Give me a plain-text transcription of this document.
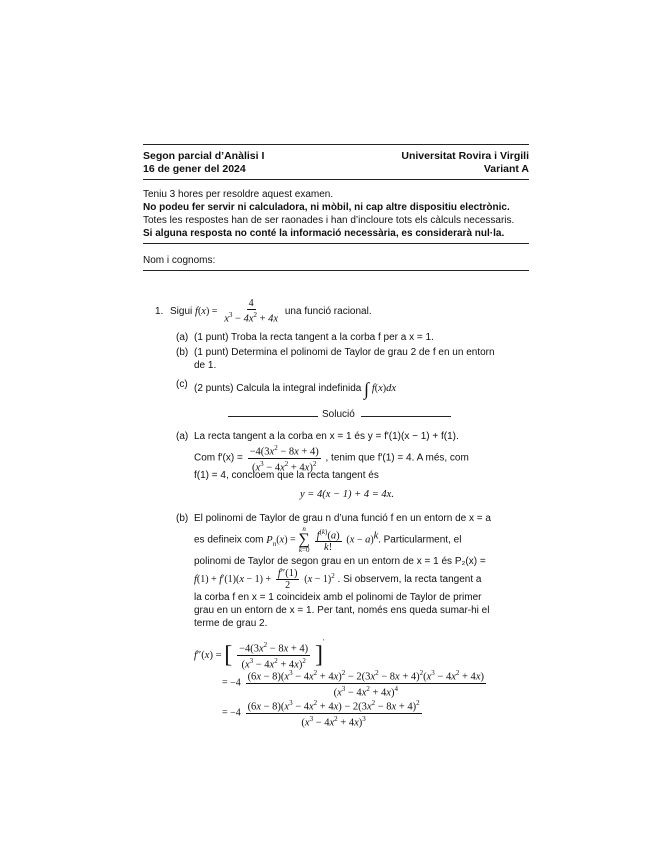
Segon parcial d’Anàlisi I
16 de gener del 2024
Universitat Rovira i Virgili
Variant A
Teniu 3 hores per resoldre aquest examen.
No podeu fer servir ni calculadora, ni mòbil, ni cap altre dispositiu electrònic.
Totes les respostes han de ser raonades i han d’incloure tots els càlculs necessaris.
Si alguna resposta no conté la informació necessària, es considerarà nul·la.
Nom i cognoms:
1. Sigui $f(x) = \frac{4}{x^3 - 4x^2 + 4x}$ una funció racional.
(a) (1 punt) Troba la recta tangent a la corba f per a x = 1.
(b) (1 punt) Determina el polinomi de Taylor de grau 2 de f en un entorn
de 1.
(c) (2 punts) Calcula la integral indefinida ∫ f(x)dx
Solució
(a) La recta tangent a la corba en x = 1 és y = f′(1)(x − 1) + f(1).
Com $f'(x) = \frac{-4(3x^2 - 8x + 4)}{(x^3 - 4x^2 + 4x)^2}$ , tenim que f′(1) = 4. A més, com
f(1) = 4, concloem que la recta tangent és
y = 4(x − 1) + 4 = 4x.
(b) El polinomi de Taylor de grau n d’una funció f en un entorn de x = a
es defineix com $P_n(x)$ =
n
∑
k=0
$\frac{f^{(k)}(a)}{k!} (x - a)^k$. Particularment, el
polinomi de Taylor de segon grau en un entorn de x = 1 és P₂(x) =
$f(1) + f'(1)(x - 1) + \frac{f''(1)}{2} (x - 1)^2$ . Si observem, la recta tangent a
la corba f en x = 1 coincideix amb el polinomi de Taylor de primer
grau en un entorn de x = 1. Per tant, només ens queda sumar-hi el
terme de grau 2.
f″(x) = [ $\frac{-4(3x^2 - 8x + 4)}{(x^3 - 4x^2 + 4x)^2} ]'$
= $-4 \frac{(6x - 8)(x^3 - 4x^2 + 4x)^2 - 2(3x^2 - 8x + 4)^2(x^3 - 4x^2 + 4x)}{(x^3 - 4x^2 + 4x)^4}$
= $-4 \frac{(6x - 8)(x^3 - 4x^2 + 4x) - 2(3x^2 - 8x + 4)^2}{(x^3 - 4x^2 + 4x)^3}$
